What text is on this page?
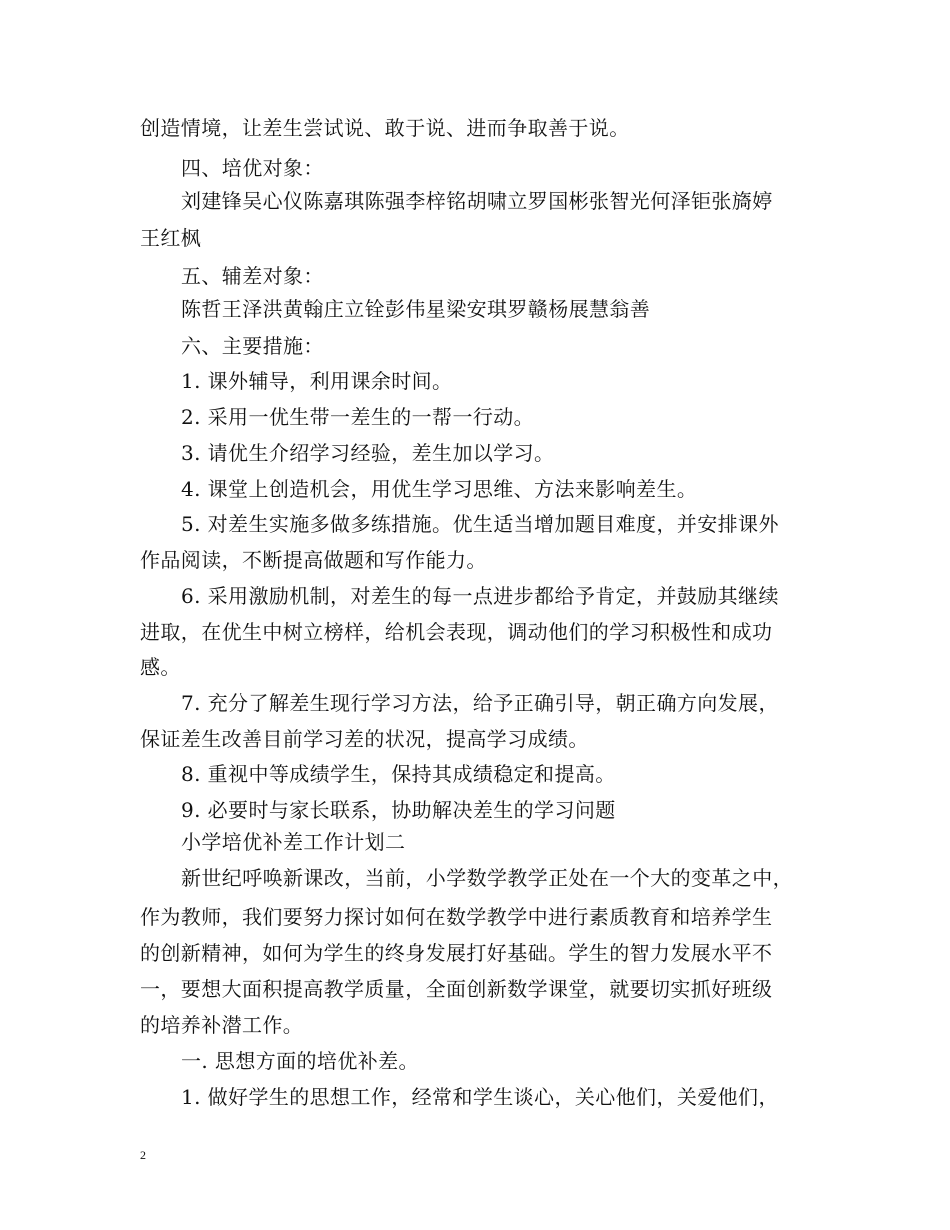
创造情境，让差生尝试说、敢于说、进而争取善于说。
四、培优对象：
刘建锋吴心仪陈嘉琪陈强李梓铭胡啸立罗国彬张智光何泽钜张旖婷
王红枫
五、辅差对象：
陈哲王泽洪黄翰庄立铨彭伟星梁安琪罗赣杨展慧翁善
六、主要措施：
1. 课外辅导，利用课余时间。
2. 采用一优生带一差生的一帮一行动。
3. 请优生介绍学习经验，差生加以学习。
4. 课堂上创造机会，用优生学习思维、方法来影响差生。
5. 对差生实施多做多练措施。优生适当增加题目难度，并安排课外
作品阅读，不断提高做题和写作能力。
6. 采用激励机制，对差生的每一点进步都给予肯定，并鼓励其继续
进取，在优生中树立榜样，给机会表现，调动他们的学习积极性和成功
感。
7. 充分了解差生现行学习方法，给予正确引导，朝正确方向发展，
保证差生改善目前学习差的状况，提高学习成绩。
8. 重视中等成绩学生，保持其成绩稳定和提高。
9. 必要时与家长联系，协助解决差生的学习问题
小学培优补差工作计划二
新世纪呼唤新课改，当前，小学数学教学正处在一个大的变革之中，
作为教师，我们要努力探讨如何在数学教学中进行素质教育和培养学生
的创新精神，如何为学生的终身发展打好基础。学生的智力发展水平不
一，要想大面积提高教学质量，全面创新数学课堂，就要切实抓好班级
的培养补潜工作。
一. 思想方面的培优补差。
1. 做好学生的思想工作，经常和学生谈心，关心他们，关爱他们，
2
